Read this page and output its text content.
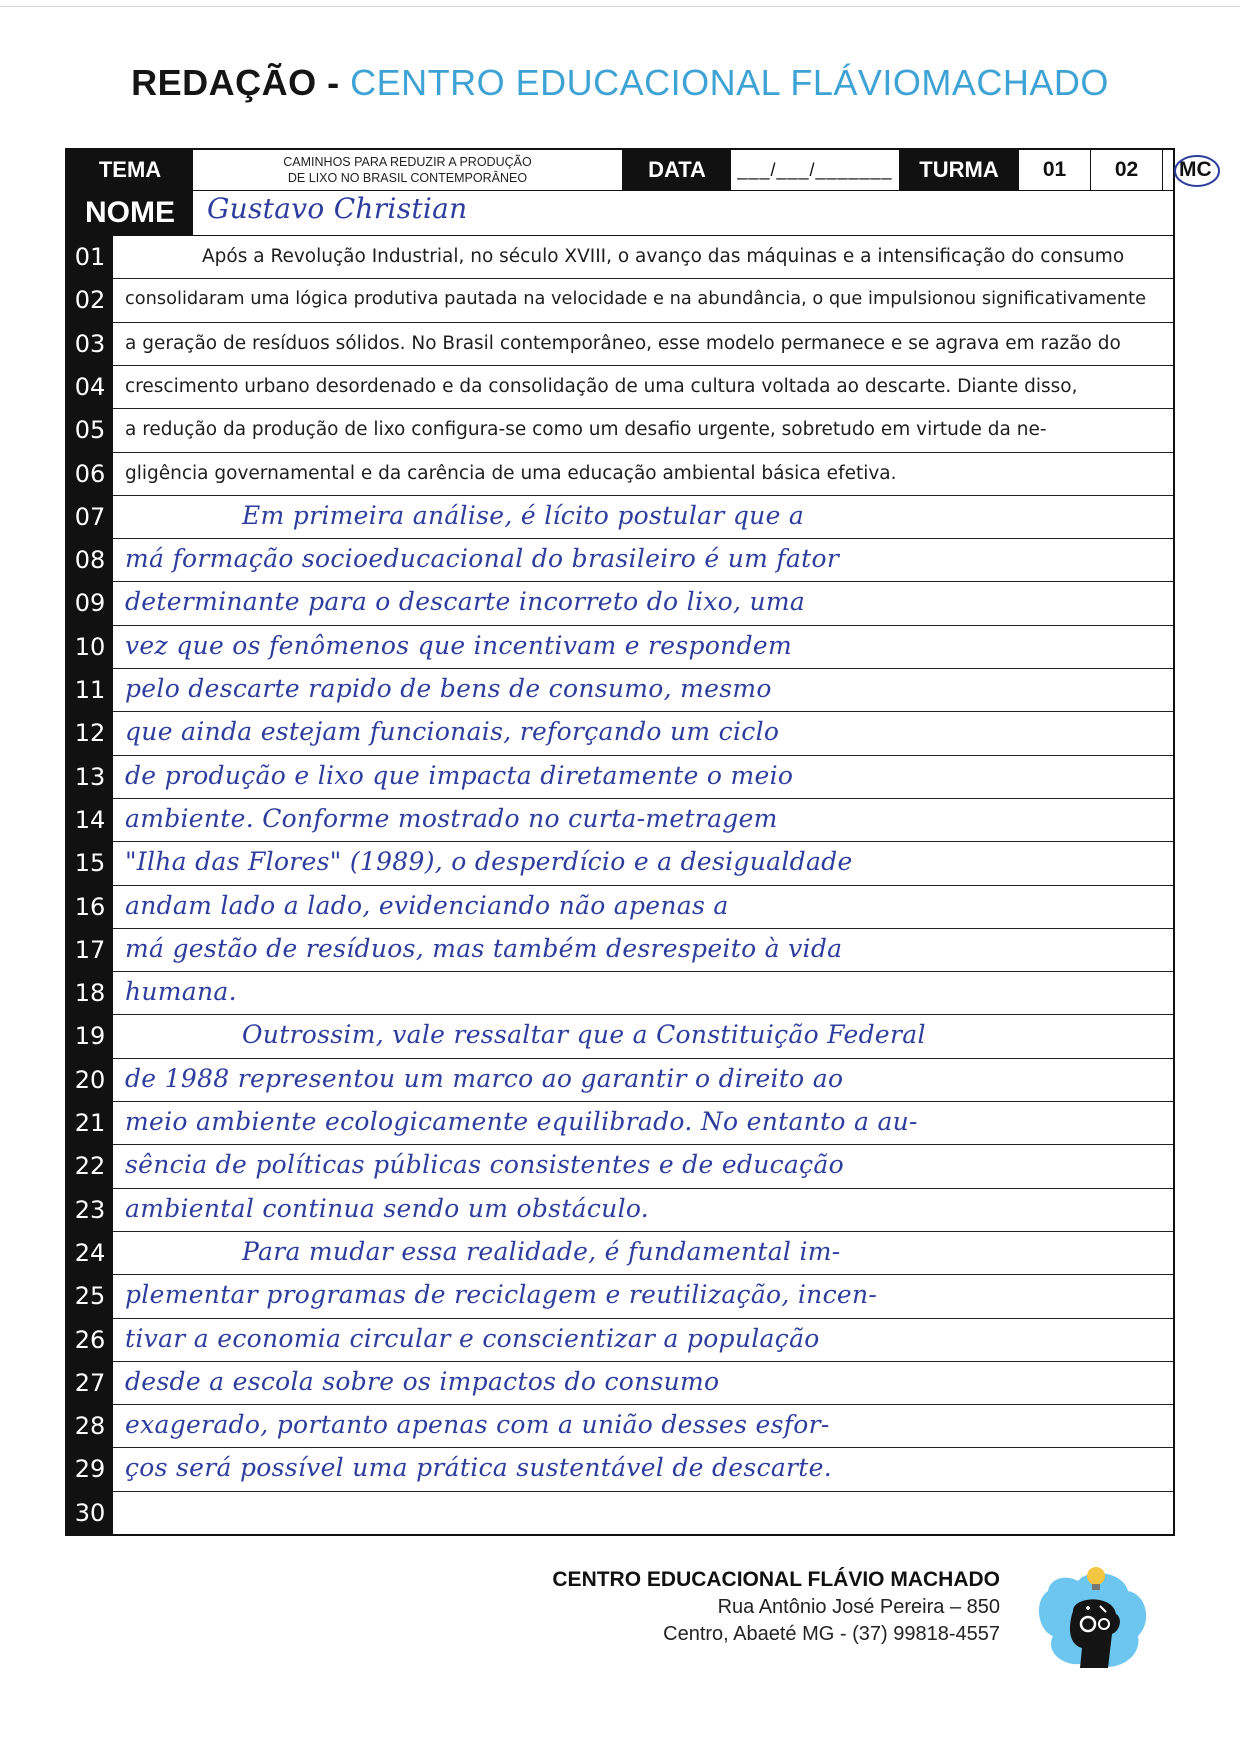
REDAÇÃO - CENTRO EDUCACIONAL FLÁVIOMACHADO
TEMA	CAMINHOS PARA REDUZIR A PRODUÇÃO
DE LIXO NO BRASIL CONTEMPORÂNEO	DATA	___/___/_______	TURMA	01	02	MC
NOME	Gustavo Christian
01	Após a Revolução Industrial, no século XVIII, o avanço das máquinas e a intensificação do consumo
02	consolidaram uma lógica produtiva pautada na velocidade e na abundância, o que impulsionou significativamente
03	a geração de resíduos sólidos. No Brasil contemporâneo, esse modelo permanece e se agrava em razão do
04	crescimento urbano desordenado e da consolidação de uma cultura voltada ao descarte. Diante disso,
05	a redução da produção de lixo configura-se como um desafio urgente, sobretudo em virtude da ne-
06	gligência governamental e da carência de uma educação ambiental básica efetiva.
07	Em primeira análise, é lícito postular que a
08 má formação socioeducacional do brasileiro é um fator
09 determinante para o descarte incorreto do lixo, uma
10 vez que os fenômenos que incentivam e respondem
11 pelo descarte rapido de bens de consumo, mesmo
12 que ainda estejam funcionais, reforçando um ciclo
13 de produção e lixo que impacta diretamente o meio
14 ambiente. Conforme mostrado no curta-metragem
15 "Ilha das Flores" (1989), o desperdício e a desigualdade
16 andam lado a lado, evidenciando não apenas a
17 má gestão de resíduos, mas também desrespeito à vida
18 humana.
19	Outrossim, vale ressaltar que a Constituição Federal
20 de 1988 representou um marco ao garantir o direito ao
21 meio ambiente ecologicamente equilibrado. No entanto a au-
22 sência de políticas públicas consistentes e de educação
23 ambiental continua sendo um obstáculo.
24	Para mudar essa realidade, é fundamental im-
25 plementar programas de reciclagem e reutilização, incen-
26 tivar a economia circular e conscientizar a população
27 desde a escola sobre os impactos do consumo
28 exagerado, portanto apenas com a união desses esfor-
29 ços será possível uma prática sustentável de descarte.
30
CENTRO EDUCACIONAL FLÁVIO MACHADO
Rua Antônio José Pereira – 850
Centro, Abaeté MG - (37) 99818-4557
